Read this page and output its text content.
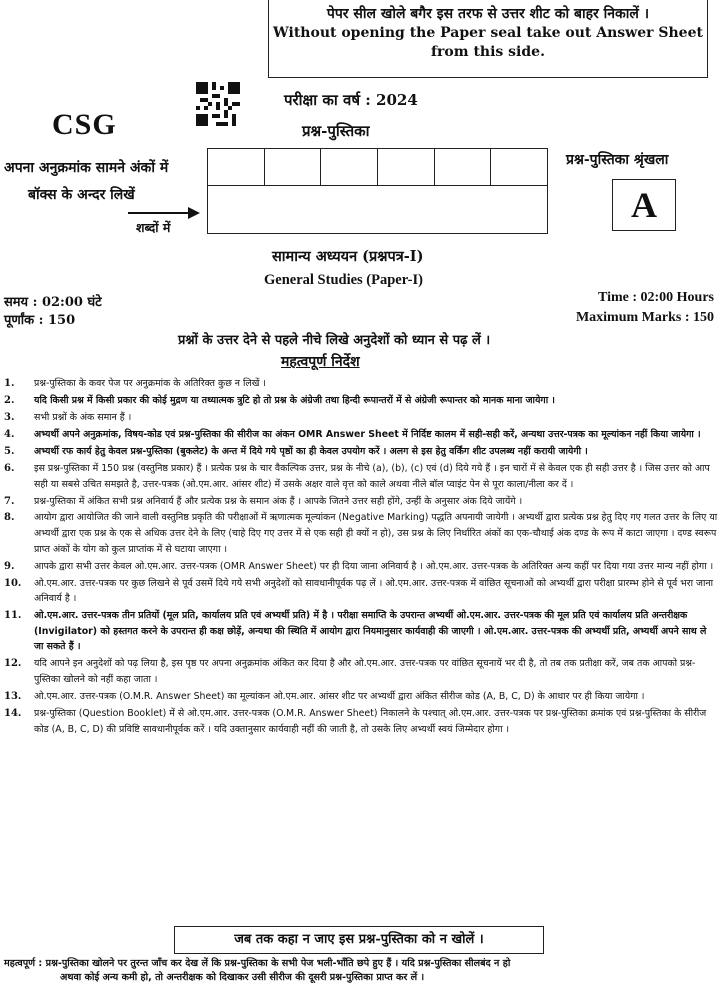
पेपर सील खोले बगैर इस तरफ से उत्तर शीट को बाहर निकालें ।
Without opening the Paper seal take out Answer Sheet
from this side.
CSG
परीक्षा का वर्ष : 2024
प्रश्न-पुस्तिका
अपना अनुक्रमांक सामने अंकों में
बॉक्स के अन्दर लिखें
शब्दों में
प्रश्न-पुस्तिका श्रृंखला
A
सामान्य अध्ययन (प्रश्नपत्र-I)
General Studies (Paper-I)
समय : 02:00 घंटे
पूर्णांक : 150
Time : 02:00 Hours
Maximum Marks : 150
प्रश्नों के उत्तर देने से पहले नीचे लिखे अनुदेशों को ध्यान से पढ़ लें ।
महत्वपूर्ण निर्देश
1. प्रश्न-पुस्तिका के कवर पेज पर अनुक्रमांक के अतिरिक्त कुछ न लिखें ।
2. यदि किसी प्रश्न में किसी प्रकार की कोई मुद्रण या तथ्यात्मक त्रुटि हो तो प्रश्न के अंग्रेजी तथा हिन्दी रूपान्तरों में से अंग्रेजी रूपान्तर को मानक माना जायेगा ।
3. सभी प्रश्नों के अंक समान हैं ।
4. अभ्यर्थी अपने अनुक्रमांक, विषय-कोड एवं प्रश्न-पुस्तिका की सीरीज का अंकन OMR Answer Sheet में निर्दिष्ट कालम में सही-सही करें, अन्यथा उत्तर-पत्रक का मूल्यांकन नहीं किया जायेगा ।
5. अभ्यर्थी रफ कार्य हेतु केवल प्रश्न-पुस्तिका (बुकलेट) के अन्त में दिये गये पृष्ठों का ही केवल उपयोग करें । अलग से इस हेतु वर्किंग शीट उपलब्ध नहीं करायी जायेगी ।
6. इस प्रश्न-पुस्तिका में 150 प्रश्न (वस्तुनिष्ठ प्रकार) हैं । प्रत्येक प्रश्न के चार वैकल्पिक उत्तर, प्रश्न के नीचे (a), (b), (c) एवं (d) दिये गये हैं । इन चारों में से केवल एक ही सही उत्तर है । जिस उत्तर को आप सही या सबसे उचित समझते है, उत्तर-पत्रक (ओ.एम.आर. आंसर शीट) में उसके अक्षर वाले वृत्त को काले अथवा नीले बॉल प्वाइंट पेन से पूरा काला/नीला कर दें ।
7. प्रश्न-पुस्तिका में अंकित सभी प्रश्न अनिवार्य हैं और प्रत्येक प्रश्न के समान अंक हैं । आपके जितने उत्तर सही होंगे, उन्हीं के अनुसार अंक दिये जायेंगे ।
8. आयोग द्वारा आयोजित की जाने वाली वस्तुनिष्ठ प्रकृति की परीक्षाओं में ऋणात्मक मूल्यांकन (Negative Marking) पद्धति अपनायी जायेगी । अभ्यर्थी द्वारा प्रत्येक प्रश्न हेतु दिए गए गलत उत्तर के लिए या अभ्यर्थी द्वारा एक प्रश्न के एक से अधिक उत्तर देने के लिए (चाहे दिए गए उत्तर में से एक सही ही क्यों न हो), उस प्रश्न के लिए निर्धारित अंकों का एक-चौथाई अंक दण्ड के रूप में काटा जाएगा । दण्ड स्वरूप प्राप्त अंकों के योग को कुल प्राप्तांक में से घटाया जाएगा ।
9. आपके द्वारा सभी उत्तर केवल ओ.एम.आर. उत्तर-पत्रक (OMR Answer Sheet) पर ही दिया जाना अनिवार्य है । ओ.एम.आर. उत्तर-पत्रक के अतिरिक्त अन्य कहीं पर दिया गया उत्तर मान्य नहीं होगा ।
10. ओ.एम.आर. उत्तर-पत्रक पर कुछ लिखने से पूर्व उसमें दिये गये सभी अनुदेशों को सावधानीपूर्वक पढ़ लें । ओ.एम.आर. उत्तर-पत्रक में वांछित सूचनाओं को अभ्यर्थी द्वारा परीक्षा प्रारम्भ होने से पूर्व भरा जाना अनिवार्य है ।
11. ओ.एम.आर. उत्तर-पत्रक तीन प्रतियों (मूल प्रति, कार्यालय प्रति एवं अभ्यर्थी प्रति) में है । परीक्षा समाप्ति के उपरान्त अभ्यर्थी ओ.एम.आर. उत्तर-पत्रक की मूल प्रति एवं कार्यालय प्रति अन्तरीक्षक (Invigilator) को हस्तगत करने के उपरान्त ही कक्ष छोड़ें, अन्यथा की स्थिति में आयोग द्वारा नियमानुसार कार्यवाही की जाएगी । ओ.एम.आर. उत्तर-पत्रक की अभ्यर्थी प्रति, अभ्यर्थी अपने साथ ले जा सकते हैं ।
12. यदि आपने इन अनुदेशों को पढ़ लिया है, इस पृष्ठ पर अपना अनुक्रमांक अंकित कर दिया है और ओ.एम.आर. उत्तर-पत्रक पर वांछित सूचनायें भर दी है, तो तब तक प्रतीक्षा करें, जब तक आपको प्रश्न-पुस्तिका खोलने को नहीं कहा जाता ।
13. ओ.एम.आर. उत्तर-पत्रक (O.M.R. Answer Sheet) का मूल्यांकन ओ.एम.आर. आंसर शीट पर अभ्यर्थी द्वारा अंकित सीरीज कोड (A, B, C, D) के आधार पर ही किया जायेगा ।
14. प्रश्न-पुस्तिका (Question Booklet) में से ओ.एम.आर. उत्तर-पत्रक (O.M.R. Answer Sheet) निकालने के पश्चात् ओ.एम.आर. उत्तर-पत्रक पर प्रश्न-पुस्तिका क्रमांक एवं प्रश्न-पुस्तिका के सीरीज कोड (A, B, C, D) की प्रविष्टि सावधानीपूर्वक करें । यदि उक्तानुसार कार्यवाही नहीं की जाती है, तो उसके लिए अभ्यर्थी स्वयं जिम्मेदार होगा ।
जब तक कहा न जाए इस प्रश्न-पुस्तिका को न खोलें ।
महत्वपूर्ण : प्रश्न-पुस्तिका खोलने पर तुरन्त जाँच कर देख लें कि प्रश्न-पुस्तिका के सभी पेज भली-भाँति छपे हुए हैं । यदि प्रश्न-पुस्तिका सीलबंद न हो
अथवा कोई अन्य कमी हो, तो अन्तरीक्षक को दिखाकर उसी सीरीज की दूसरी प्रश्न-पुस्तिका प्राप्त कर लें ।
